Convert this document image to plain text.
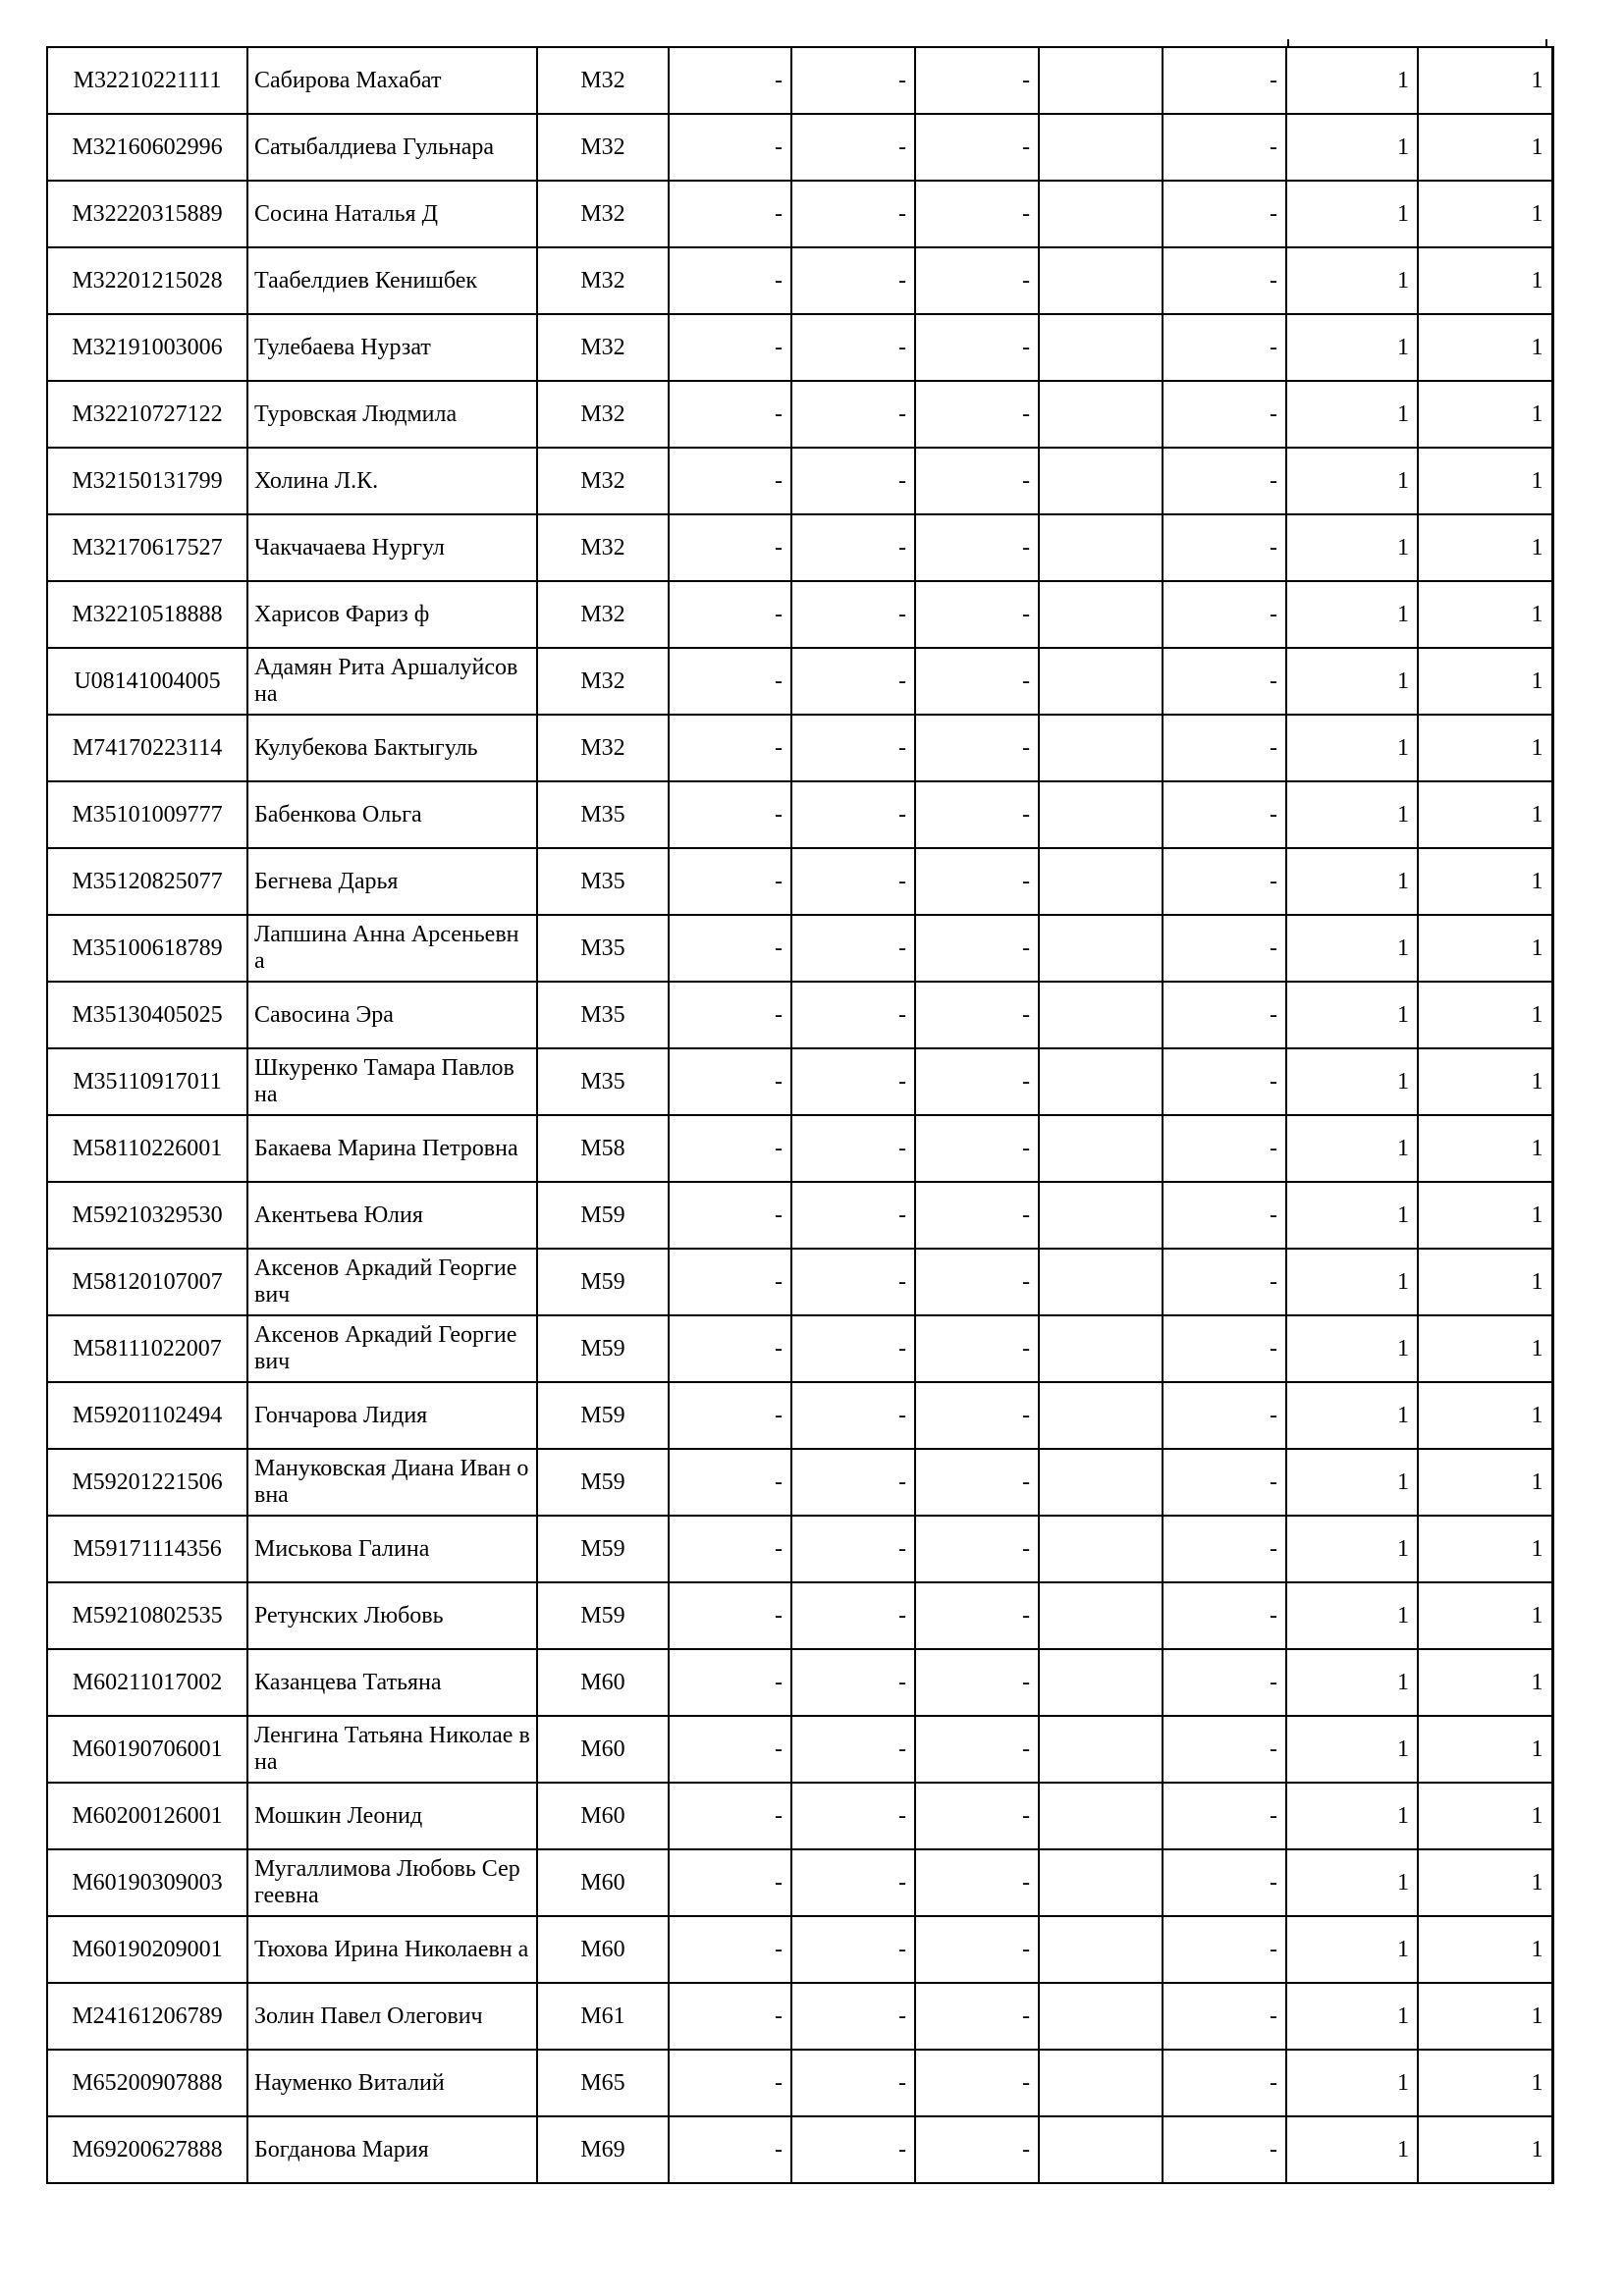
M32210221111	Сабирова Махабат	M32	-	-	-		-	1	1
M32160602996	Сатыбалдиева Гульнара	M32	-	-	-		-	1	1
M32220315889	Сосина Наталья Д	M32	-	-	-		-	1	1
M32201215028	Таабелдиев Кенишбек	M32	-	-	-		-	1	1
M32191003006	Тулебаева Нурзат	M32	-	-	-		-	1	1
M32210727122	Туровская Людмила	M32	-	-	-		-	1	1
M32150131799	Холина Л.К.	M32	-	-	-		-	1	1
M32170617527	Чакчачаева Нургул	M32	-	-	-		-	1	1
M32210518888	Харисов Фариз ф	M32	-	-	-		-	1	1
U08141004005	Адамян Рита Аршалуйсов на	M32	-	-	-		-	1	1
M74170223114	Кулубекова Бактыгуль	M32	-	-	-		-	1	1
M35101009777	Бабенкова Ольга	M35	-	-	-		-	1	1
M35120825077	Бегнева Дарья	M35	-	-	-		-	1	1
M35100618789	Лапшина Анна Арсеньевн а	M35	-	-	-		-	1	1
M35130405025	Савосина Эра	M35	-	-	-		-	1	1
M35110917011	Шкуренко Тамара Павлов на	M35	-	-	-		-	1	1
M58110226001	Бакаева Марина Петровна	M58	-	-	-		-	1	1
M59210329530	Акентьева Юлия	M59	-	-	-		-	1	1
M58120107007	Аксенов Аркадий Георгие вич	M59	-	-	-		-	1	1
M58111022007	Аксенов Аркадий Георгие вич	M59	-	-	-		-	1	1
M59201102494	Гончарова Лидия	M59	-	-	-		-	1	1
M59201221506	Мануковская Диана Иван овна	M59	-	-	-		-	1	1
M59171114356	Миськова Галина	M59	-	-	-		-	1	1
M59210802535	Ретунских Любовь	M59	-	-	-		-	1	1
M60211017002	Казанцева Татьяна	M60	-	-	-		-	1	1
M60190706001	Ленгина Татьяна Николае вна	M60	-	-	-		-	1	1
M60200126001	Мошкин Леонид	M60	-	-	-		-	1	1
M60190309003	Мугаллимова Любовь Сер геевна	M60	-	-	-		-	1	1
M60190209001	Тюхова Ирина Николаевн а	M60	-	-	-		-	1	1
M24161206789	Золин Павел Олегович	M61	-	-	-		-	1	1
M65200907888	Науменко Виталий	M65	-	-	-		-	1	1
M69200627888	Богданова Мария	M69	-	-	-		-	1	1
